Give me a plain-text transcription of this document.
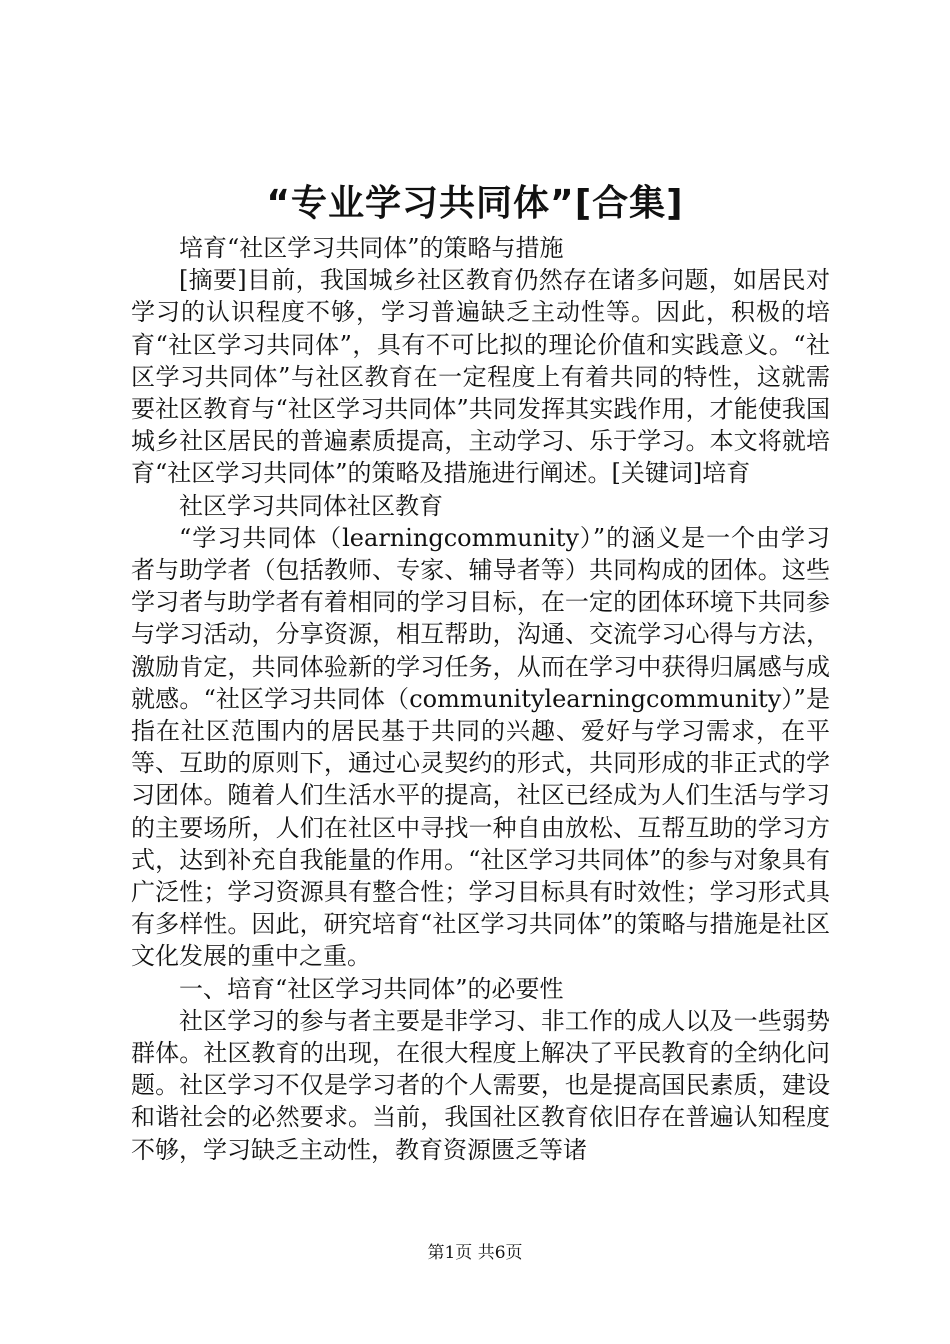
“专业学习共同体”[合集]

培育“社区学习共同体”的策略与措施

[摘要]目前，我国城乡社区教育仍然存在诸多问题，如居民对学习的认识程度不够，学习普遍缺乏主动性等。因此，积极的培育“社区学习共同体”，具有不可比拟的理论价值和实践意义。“社区学习共同体”与社区教育在一定程度上有着共同的特性，这就需要社区教育与“社区学习共同体”共同发挥其实践作用，才能使我国城乡社区居民的普遍素质提高，主动学习、乐于学习。本文将就培育“社区学习共同体”的策略及措施进行阐述。[关键词]培育

社区学习共同体社区教育

“学习共同体（learningcommunity）”的涵义是一个由学习者与助学者（包括教师、专家、辅导者等）共同构成的团体。这些学习者与助学者有着相同的学习目标，在一定的团体环境下共同参与学习活动，分享资源，相互帮助，沟通、交流学习心得与方法，激励肯定，共同体验新的学习任务，从而在学习中获得归属感与成就感。“社区学习共同体（communitylearningcommunity）”是指在社区范围内的居民基于共同的兴趣、爱好与学习需求，在平等、互助的原则下，通过心灵契约的形式，共同形成的非正式的学习团体。随着人们生活水平的提高，社区已经成为人们生活与学习的主要场所，人们在社区中寻找一种自由放松、互帮互助的学习方式，达到补充自我能量的作用。“社区学习共同体”的参与对象具有广泛性；学习资源具有整合性；学习目标具有时效性；学习形式具有多样性。因此，研究培育“社区学习共同体”的策略与措施是社区文化发展的重中之重。

一、培育“社区学习共同体”的必要性

社区学习的参与者主要是非学习、非工作的成人以及一些弱势群体。社区教育的出现，在很大程度上解决了平民教育的全纳化问题。社区学习不仅是学习者的个人需要，也是提高国民素质，建设和谐社会的必然要求。当前，我国社区教育依旧存在普遍认知程度不够，学习缺乏主动性，教育资源匮乏等诸

第1页 共6页
